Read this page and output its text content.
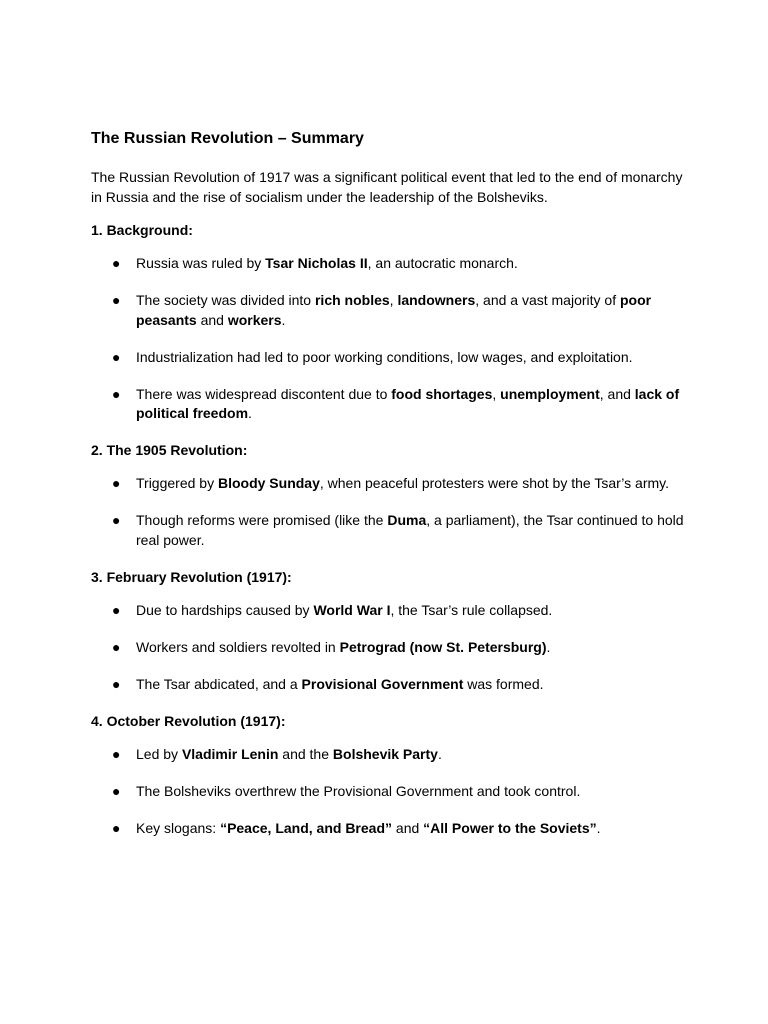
The Russian Revolution – Summary
The Russian Revolution of 1917 was a significant political event that led to the end of monarchy in Russia and the rise of socialism under the leadership of the Bolsheviks.
1. Background:
● Russia was ruled by Tsar Nicholas II, an autocratic monarch.
● The society was divided into rich nobles, landowners, and a vast majority of poor peasants and workers.
● Industrialization had led to poor working conditions, low wages, and exploitation.
● There was widespread discontent due to food shortages, unemployment, and lack of political freedom.
2. The 1905 Revolution:
● Triggered by Bloody Sunday, when peaceful protesters were shot by the Tsar’s army.
● Though reforms were promised (like the Duma, a parliament), the Tsar continued to hold real power.
3. February Revolution (1917):
● Due to hardships caused by World War I, the Tsar’s rule collapsed.
● Workers and soldiers revolted in Petrograd (now St. Petersburg).
● The Tsar abdicated, and a Provisional Government was formed.
4. October Revolution (1917):
● Led by Vladimir Lenin and the Bolshevik Party.
● The Bolsheviks overthrew the Provisional Government and took control.
● Key slogans: “Peace, Land, and Bread” and “All Power to the Soviets”.
